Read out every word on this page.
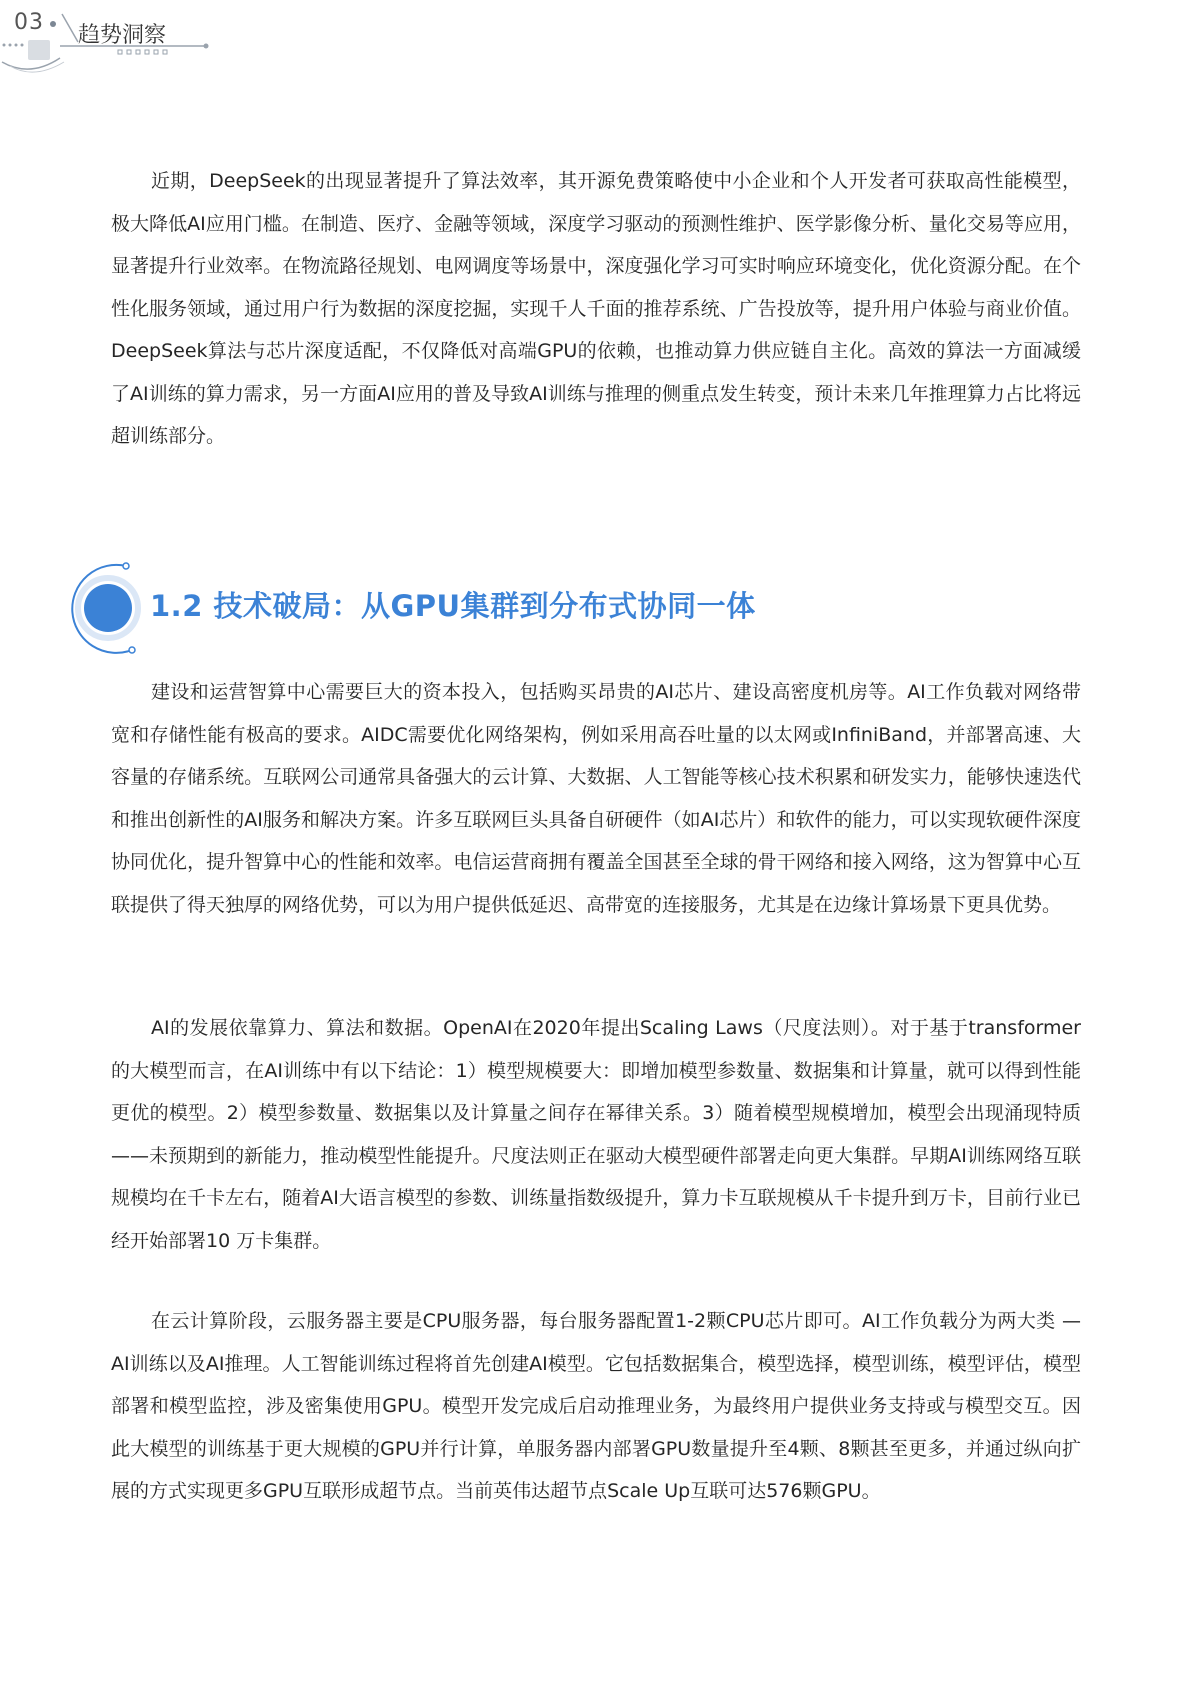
03
趋势洞察

近期，DeepSeek的出现显著提升了算法效率，其开源免费策略使中小企业和个人开发者可获取高性能模型，极大降低AI应用门槛。在制造、医疗、金融等领域，深度学习驱动的预测性维护、医学影像分析、量化交易等应用，显著提升行业效率。在物流路径规划、电网调度等场景中，深度强化学习可实时响应环境变化，优化资源分配。在个性化服务领域，通过用户行为数据的深度挖掘，实现千人千面的推荐系统、广告投放等，提升用户体验与商业价值。DeepSeek算法与芯片深度适配，不仅降低对高端GPU的依赖，也推动算力供应链自主化。高效的算法一方面减缓了AI训练的算力需求，另一方面AI应用的普及导致AI训练与推理的侧重点发生转变，预计未来几年推理算力占比将远超训练部分。

1.2 技术破局：从GPU集群到分布式协同一体

建设和运营智算中心需要巨大的资本投入，包括购买昂贵的AI芯片、建设高密度机房等。AI工作负载对网络带宽和存储性能有极高的要求。AIDC需要优化网络架构，例如采用高吞吐量的以太网或InfiniBand，并部署高速、大容量的存储系统。互联网公司通常具备强大的云计算、大数据、人工智能等核心技术积累和研发实力，能够快速迭代和推出创新性的AI服务和解决方案。许多互联网巨头具备自研硬件（如AI芯片）和软件的能力，可以实现软硬件深度协同优化，提升智算中心的性能和效率。电信运营商拥有覆盖全国甚至全球的骨干网络和接入网络，这为智算中心互联提供了得天独厚的网络优势，可以为用户提供低延迟、高带宽的连接服务，尤其是在边缘计算场景下更具优势。

AI的发展依靠算力、算法和数据。OpenAI在2020年提出Scaling Laws（尺度法则）。对于基于transformer的大模型而言，在AI训练中有以下结论：1）模型规模要大：即增加模型参数量、数据集和计算量，就可以得到性能更优的模型。2）模型参数量、数据集以及计算量之间存在幂律关系。3）随着模型规模增加，模型会出现涌现特质——未预期到的新能力，推动模型性能提升。尺度法则正在驱动大模型硬件部署走向更大集群。早期AI训练网络互联规模均在千卡左右，随着AI大语言模型的参数、训练量指数级提升，算力卡互联规模从千卡提升到万卡，目前行业已经开始部署10 万卡集群。

在云计算阶段，云服务器主要是CPU服务器，每台服务器配置1-2颗CPU芯片即可。AI工作负载分为两大类 — AI训练以及AI推理。人工智能训练过程将首先创建AI模型。它包括数据集合，模型选择，模型训练，模型评估，模型部署和模型监控，涉及密集使用GPU。模型开发完成后启动推理业务，为最终用户提供业务支持或与模型交互。因此大模型的训练基于更大规模的GPU并行计算，单服务器内部署GPU数量提升至4颗、8颗甚至更多，并通过纵向扩展的方式实现更多GPU互联形成超节点。当前英伟达超节点Scale Up互联可达576颗GPU。
